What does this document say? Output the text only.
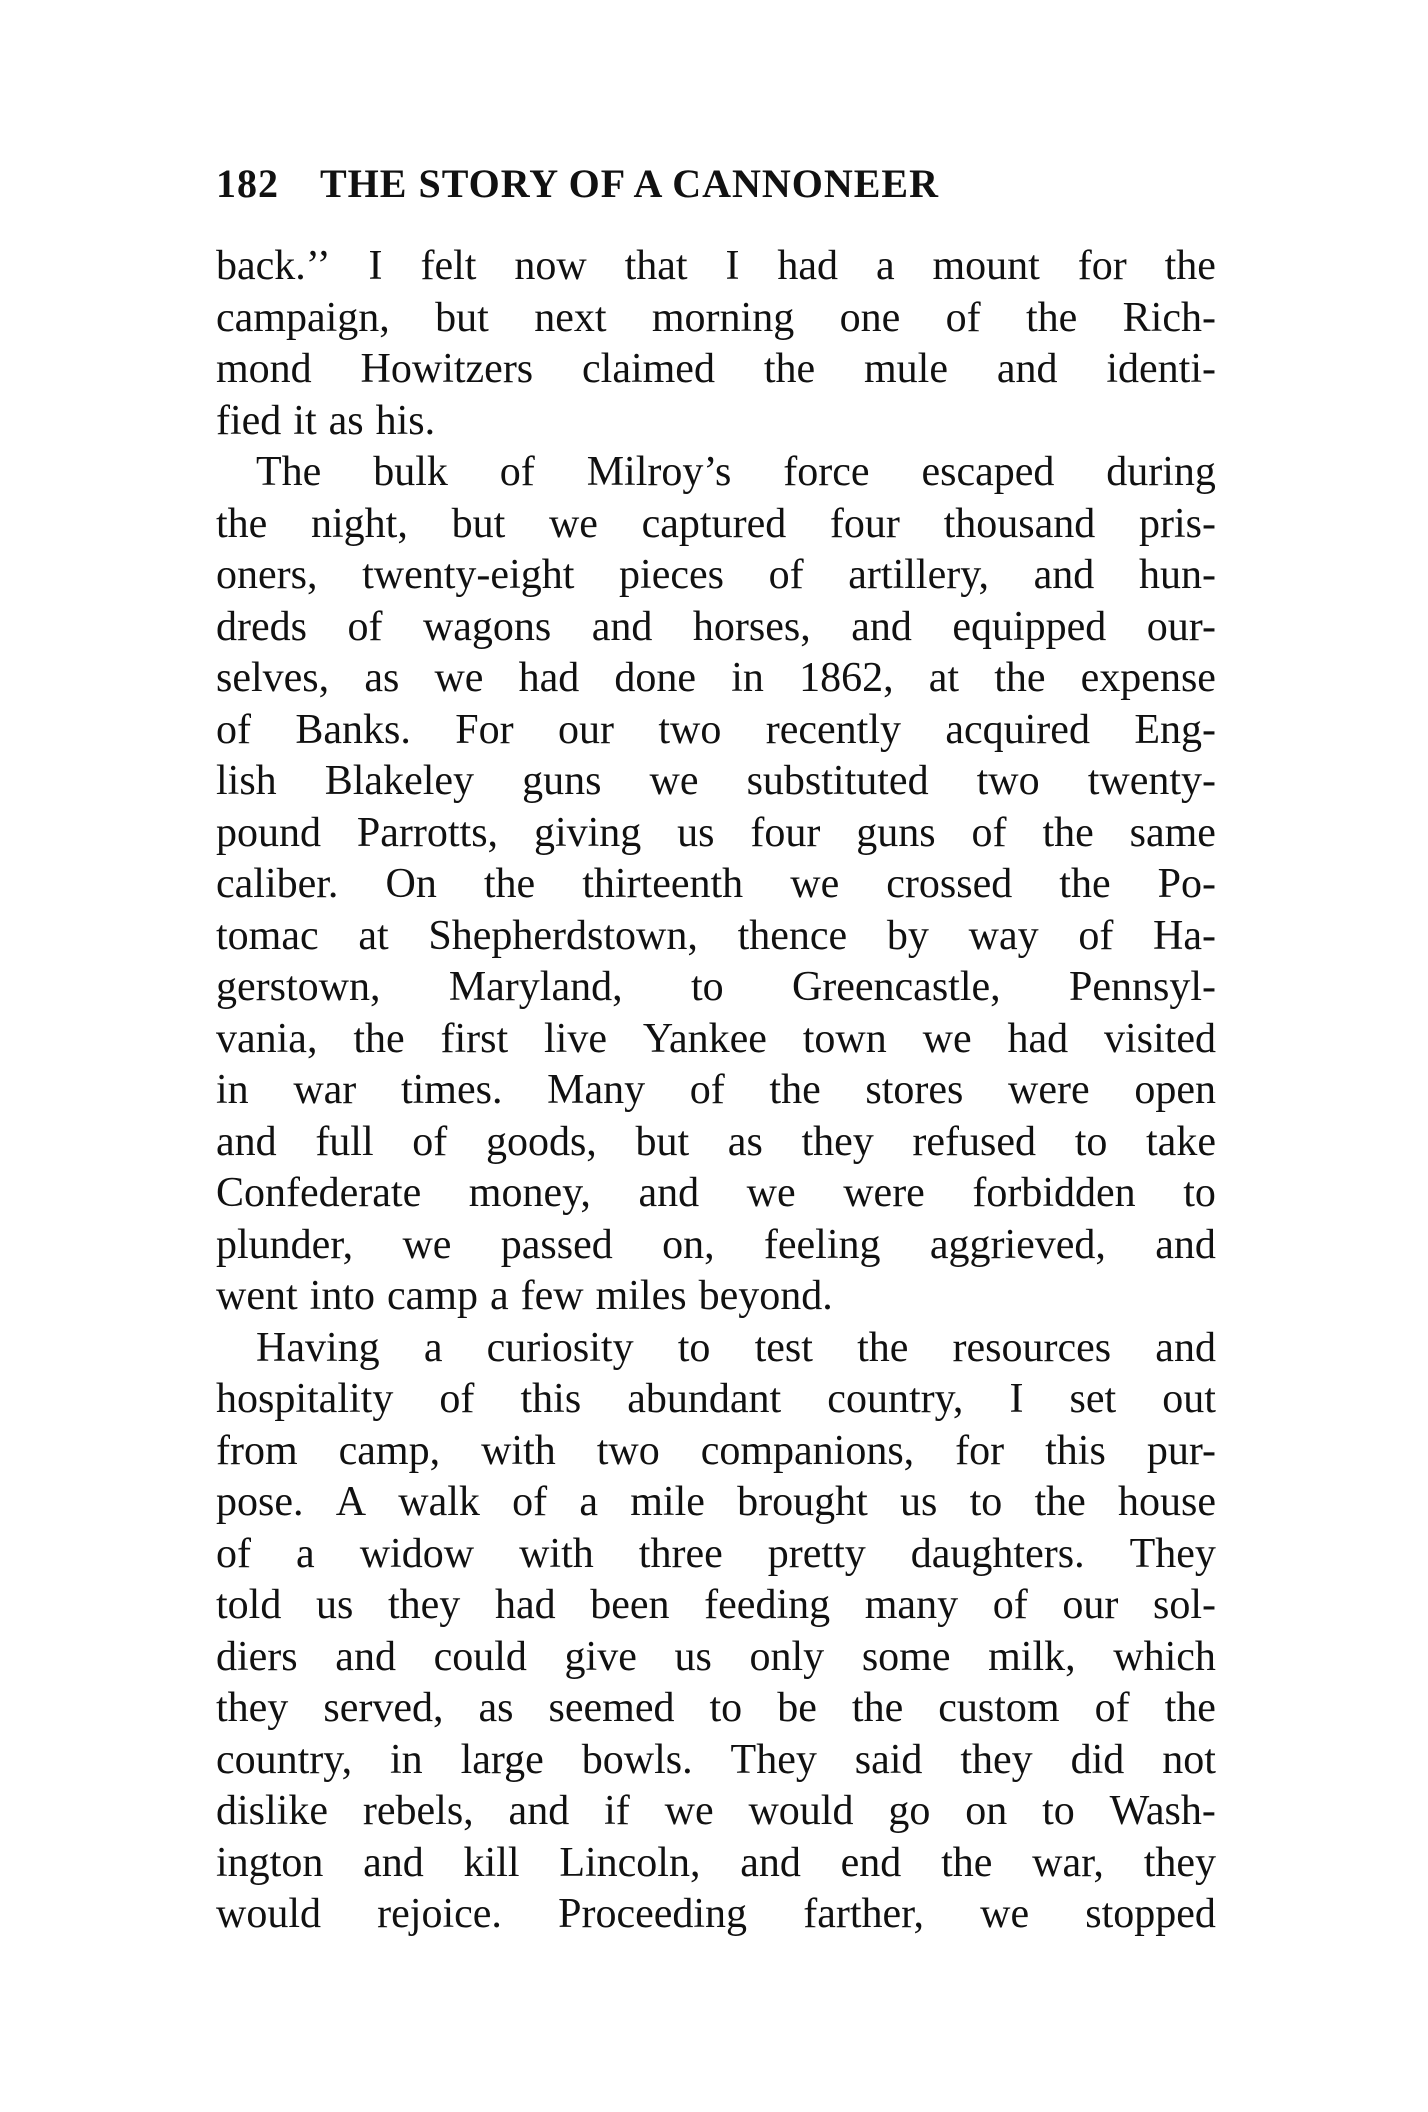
182 THE STORY OF A CANNONEER
back.’’ I felt now that I had a mount for the
campaign, but next morning one of the Rich-
mond Howitzers claimed the mule and identi-
fied it as his.
The bulk of Milroy’s force escaped during
the night, but we captured four thousand pris-
oners, twenty-eight pieces of artillery, and hun-
dreds of wagons and horses, and equipped our-
selves, as we had done in 1862, at the expense
of Banks. For our two recently acquired Eng-
lish Blakeley guns we substituted two twenty-
pound Parrotts, giving us four guns of the same
caliber. On the thirteenth we crossed the Po-
tomac at Shepherdstown, thence by way of Ha-
gerstown, Maryland, to Greencastle, Pennsyl-
vania, the first live Yankee town we had visited
in war times. Many of the stores were open
and full of goods, but as they refused to take
Confederate money, and we were forbidden to
plunder, we passed on, feeling aggrieved, and
went into camp a few miles beyond.
Having a curiosity to test the resources and
hospitality of this abundant country, I set out
from camp, with two companions, for this pur-
pose. A walk of a mile brought us to the house
of a widow with three pretty daughters. They
told us they had been feeding many of our sol-
diers and could give us only some milk, which
they served, as seemed to be the custom of the
country, in large bowls. They said they did not
dislike rebels, and if we would go on to Wash-
ington and kill Lincoln, and end the war, they
would rejoice. Proceeding farther, we stopped
